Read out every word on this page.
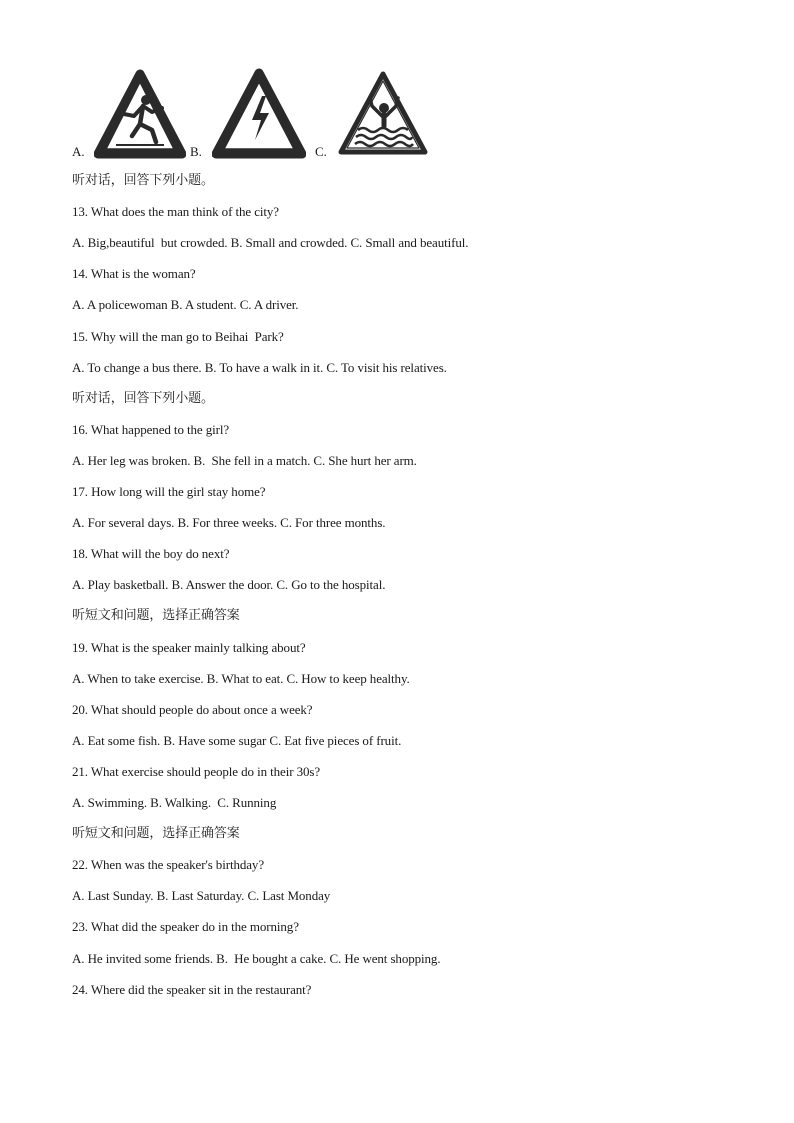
A.	B.	C.
听对话，回答下列小题。
13. What does the man think of the city?
A. Big,beautiful  but crowded. B. Small and crowded. C. Small and beautiful.
14. What is the woman?
A. A policewoman B. A student. C. A driver.
15. Why will the man go to Beihai  Park?
A. To change a bus there. B. To have a walk in it. C. To visit his relatives.
听对话，回答下列小题。
16. What happened to the girl?
A. Her leg was broken. B.  She fell in a match. C. She hurt her arm.
17. How long will the girl stay home?
A. For several days. B. For three weeks. C. For three months.
18. What will the boy do next?
A. Play basketball. B. Answer the door. C. Go to the hospital.
听短文和问题，选择正确答案
19. What is the speaker mainly talking about?
A. When to take exercise. B. What to eat. C. How to keep healthy.
20. What should people do about once a week?
A. Eat some fish. B. Have some sugar C. Eat five pieces of fruit.
21. What exercise should people do in their 30s?
A. Swimming. B. Walking.  C. Running
听短文和问题，选择正确答案
22. When was the speaker's birthday?
A. Last Sunday. B. Last Saturday. C. Last Monday
23. What did the speaker do in the morning?
A. He invited some friends. B.  He bought a cake. C. He went shopping.
24. Where did the speaker sit in the restaurant?
